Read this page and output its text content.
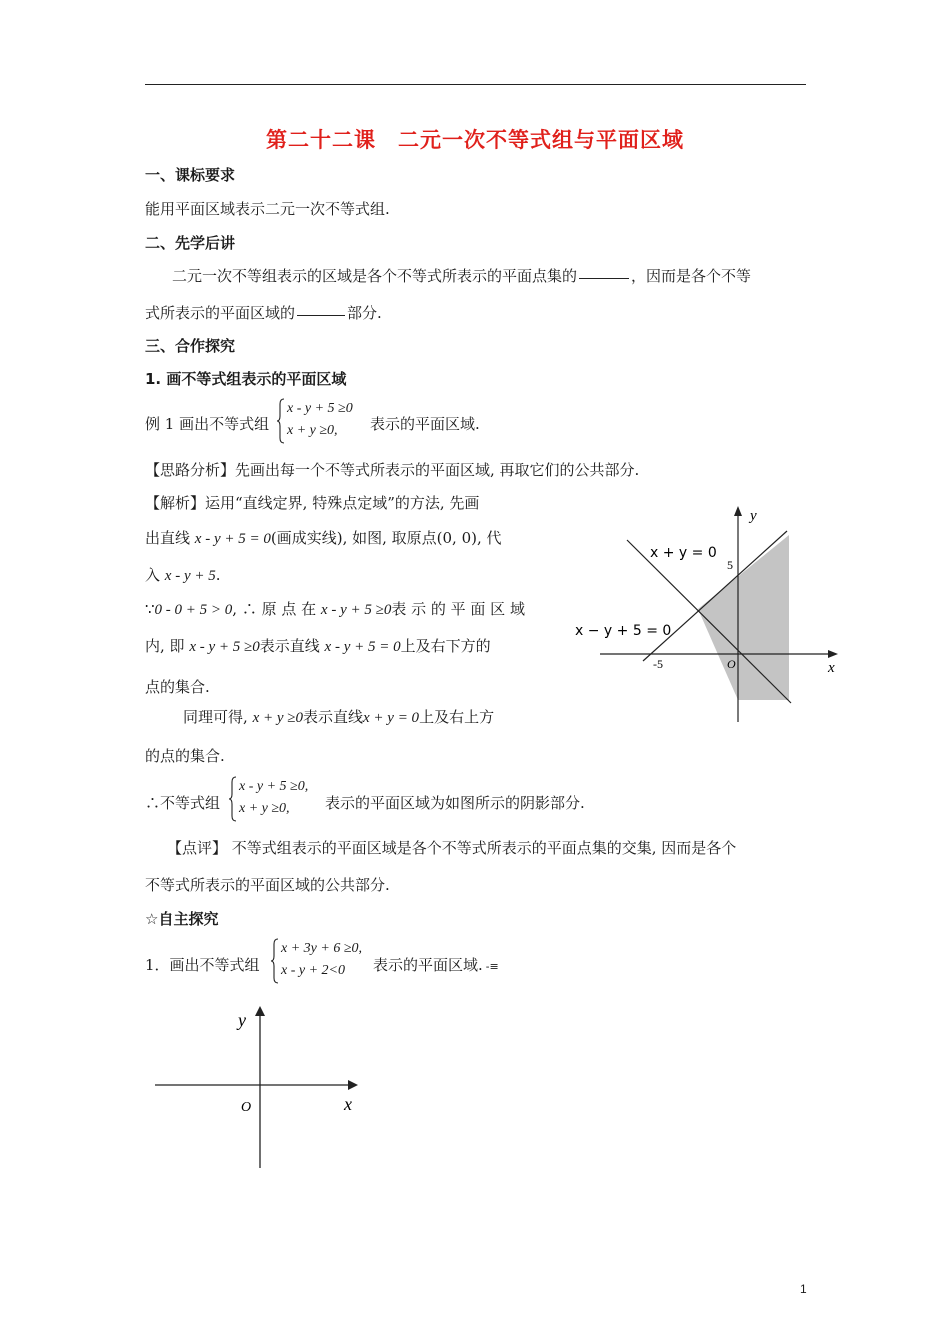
第二十二课　二元一次不等式组与平面区域
一、课标要求
能用平面区域表示二元一次不等式组.
二、先学后讲
二元一次不等组表示的区域是各个不等式所表示的平面点集的	，因而是各个不等
式所表示的平面区域的	部分.
三、合作探究
1. 画不等式组表示的平面区域
例 1 画出不等式组
x - y + 5 ≥0
x + y ≥0,	表示的平面区域.
【思路分析】先画出每一个不等式所表示的平面区域, 再取它们的公共部分.
【解析】运用“直线定界, 特殊点定域”的方法, 先画
出直线 x - y + 5 = 0(画成实线), 如图, 取原点(0, 0), 代
入 x - y + 5.
∵0 - 0 + 5 > 0, ∴ 原 点 在 x - y + 5 ≥0表 示 的 平 面 区 域
内, 即 x - y + 5 ≥0表示直线 x - y + 5 = 0上及右下方的
点的集合.
同理可得, x + y ≥0表示直线x + y = 0上及右上方
的点的集合.
y
x
O
5
-5
x + y = 0
x − y + 5 = 0
∴不等式组
x - y + 5 ≥0,
x + y ≥0,	表示的平面区域为如图所示的阴影部分.
【点评】 不等式组表示的平面区域是各个不等式所表示的平面点集的交集, 因而是各个
不等式所表示的平面区域的公共部分.
☆自主探究
1．画出不等式组
x + 3y + 6 ≥0,
x - y + 2<0	表示的平面区域. -≡
y
x
O
1
